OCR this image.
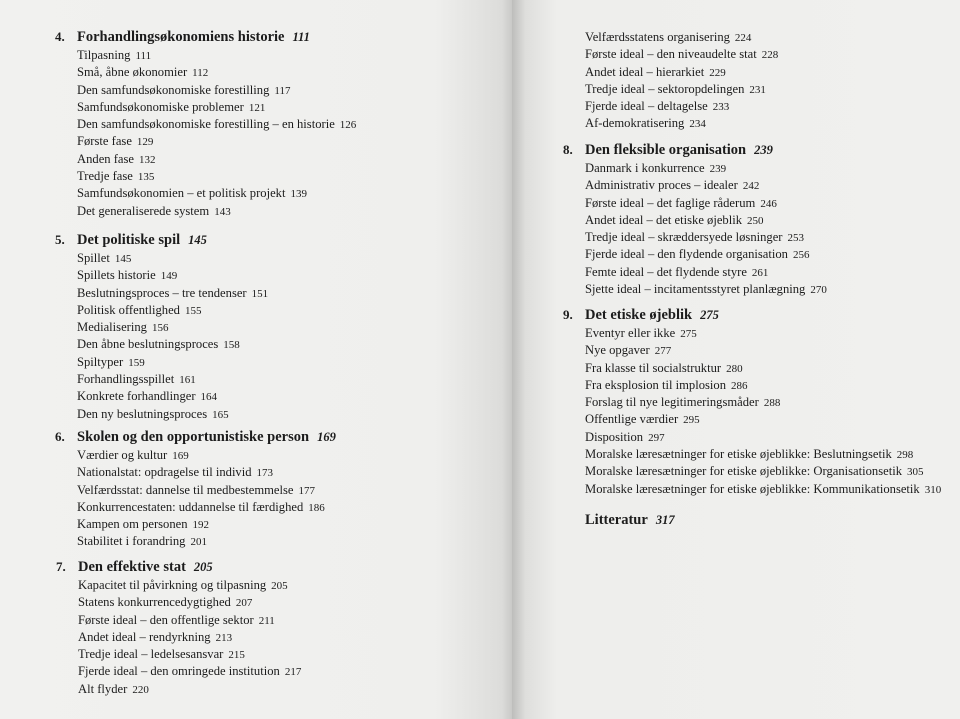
4. Forhandlingsøkonomiens historie 111
Tilpasning 111
Små, åbne økonomier 112
Den samfundsøkonomiske forestilling 117
Samfundsøkonomiske problemer 121
Den samfundsøkonomiske forestilling – en historie 126
Første fase 129
Anden fase 132
Tredje fase 135
Samfundsøkonomien – et politisk projekt 139
Det generaliserede system 143
5. Det politiske spil 145
Spillet 145
Spillets historie 149
Beslutningsproces – tre tendenser 151
Politisk offentlighed 155
Medialisering 156
Den åbne beslutningsproces 158
Spiltyper 159
Forhandlingsspillet 161
Konkrete forhandlinger 164
Den ny beslutningsproces 165
6. Skolen og den opportunistiske person 169
Værdier og kultur 169
Nationalstat: opdragelse til individ 173
Velfærdsstat: dannelse til medbestemmelse 177
Konkurrencestaten: uddannelse til færdighed 186
Kampen om personen 192
Stabilitet i forandring 201
7. Den effektive stat 205
Kapacitet til påvirkning og tilpasning 205
Statens konkurrencedygtighed 207
Første ideal – den offentlige sektor 211
Andet ideal – rendyrkning 213
Tredje ideal – ledelsesansvar 215
Fjerde ideal – den omringede institution 217
Alt flyder 220
Velfærdsstatens organisering 224
Første ideal – den niveaudelte stat 228
Andet ideal – hierarkiet 229
Tredje ideal – sektoropdelingen 231
Fjerde ideal – deltagelse 233
Af-demokratisering 234
8. Den fleksible organisation 239
Danmark i konkurrence 239
Administrativ proces – idealer 242
Første ideal – det faglige råderum 246
Andet ideal – det etiske øjeblik 250
Tredje ideal – skræddersyede løsninger 253
Fjerde ideal – den flydende organisation 256
Femte ideal – det flydende styre 261
Sjette ideal – incitamentsstyret planlægning 270
9. Det etiske øjeblik 275
Eventyr eller ikke 275
Nye opgaver 277
Fra klasse til socialstruktur 280
Fra eksplosion til implosion 286
Forslag til nye legitimeringsmåder 288
Offentlige værdier 295
Disposition 297
Moralske læresætninger for etiske øjeblikke: Beslutningsetik 298
Moralske læresætninger for etiske øjeblikke: Organisationsetik 305
Moralske læresætninger for etiske øjeblikke: Kommunikationsetik 310
Litteratur 317
